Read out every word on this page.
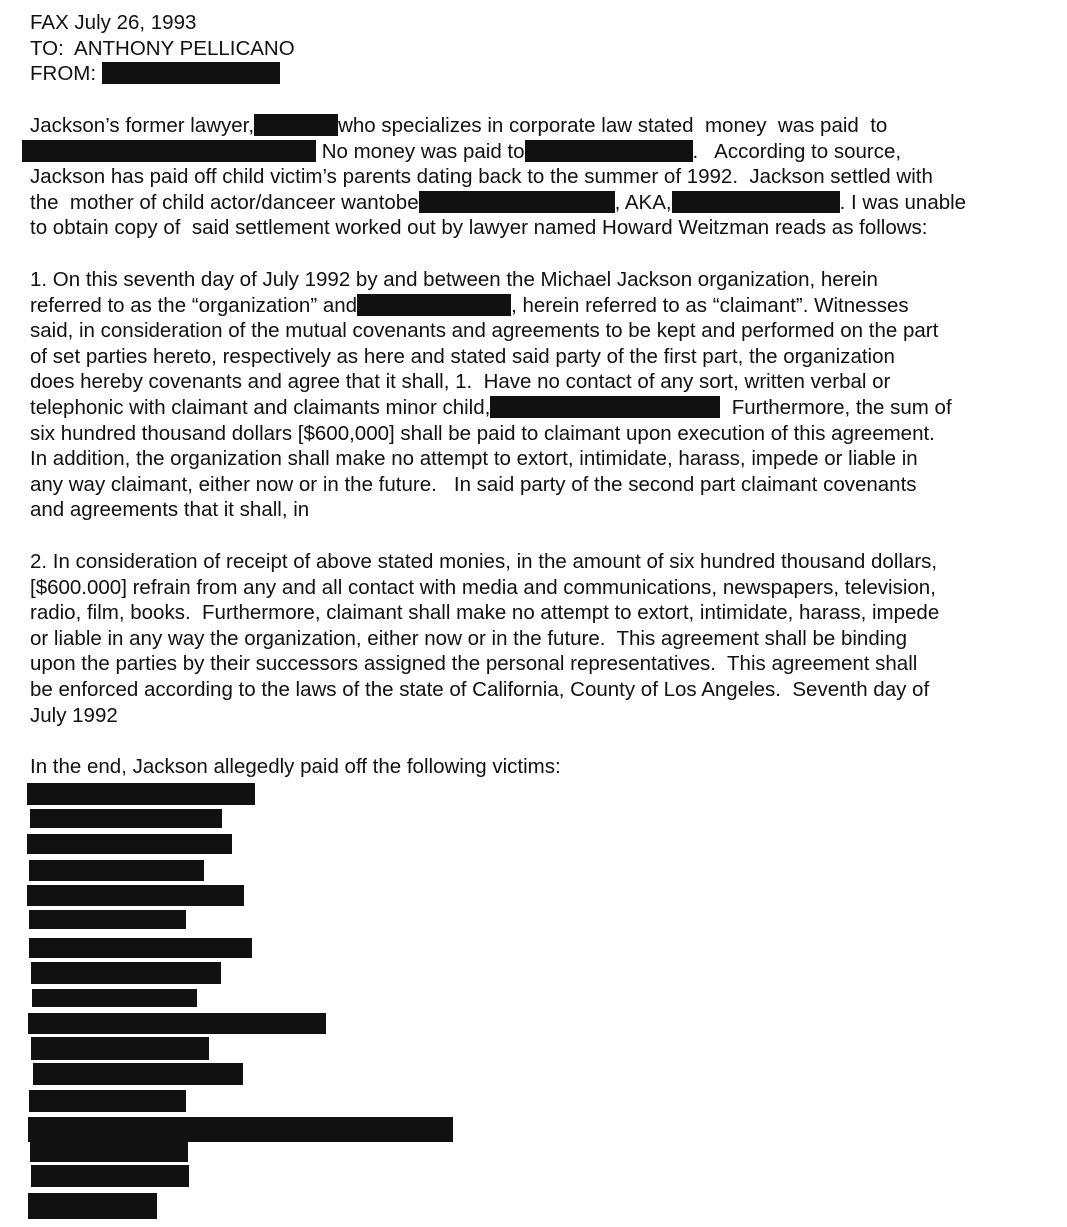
FAX July 26, 1993
TO:  ANTHONY PELLICANO
FROM:
Jackson’s former lawyer,	who specializes in corporate law stated  money  was paid  to
No money was paid to	.   According to source,
Jackson has paid off child victim’s parents dating back to the summer of 1992.  Jackson settled with
the  mother of child actor/danceer wantobe	, AKA,	. I was unable
to obtain copy of  said settlement worked out by lawyer named Howard Weitzman reads as follows:
1. On this seventh day of July 1992 by and between the Michael Jackson organization, herein
referred to as the “organization” and	, herein referred to as “claimant”. Witnesses
said, in consideration of the mutual covenants and agreements to be kept and performed on the part
of set parties hereto, respectively as here and stated said party of the first part, the organization
does hereby covenants and agree that it shall, 1.  Have no contact of any sort, written verbal or
telephonic with claimant and claimants minor child,	Furthermore, the sum of
six hundred thousand dollars [$600,000] shall be paid to claimant upon execution of this agreement.
In addition, the organization shall make no attempt to extort, intimidate, harass, impede or liable in
any way claimant, either now or in the future.   In said party of the second part claimant covenants
and agreements that it shall, in
2. In consideration of receipt of above stated monies, in the amount of six hundred thousand dollars,
[$600.000] refrain from any and all contact with media and communications, newspapers, television,
radio, film, books.  Furthermore, claimant shall make no attempt to extort, intimidate, harass, impede
or liable in any way the organization, either now or in the future.  This agreement shall be binding
upon the parties by their successors assigned the personal representatives.  This agreement shall
be enforced according to the laws of the state of California, County of Los Angeles.  Seventh day of
July 1992
In the end, Jackson allegedly paid off the following victims:
